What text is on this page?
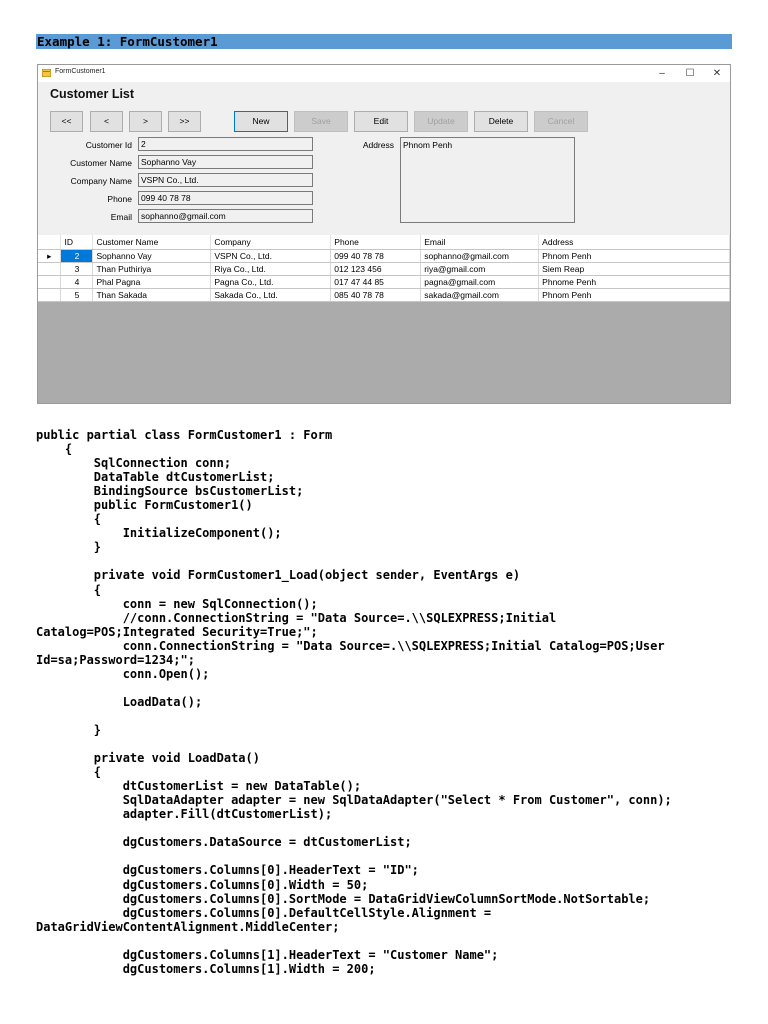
Example 1: FormCustomer1
FormCustomer1	–	☐	✕
Customer List
<<	<	>	>>	New	Save	Edit	Update	Delete	Cancel
Customer Id	2
Customer Name	Sophanno Vay
Company Name	VSPN Co., Ltd.
Phone	099 40 78 78
Email	sophanno@gmail.com
Address	Phnom Penh
	ID	Customer Name	Company	Phone	Email	Address
▸	2	Sophanno Vay	VSPN Co., Ltd.	099 40 78 78	sophanno@gmail.com	Phnom Penh
	3	Than Puthiriya	Riya Co., Ltd.	012 123 456	riya@gmail.com	Siem Reap
	4	Phal Pagna	Pagna Co., Ltd.	017 47 44 85	pagna@gmail.com	Phnome Penh
	5	Than Sakada	Sakada Co., Ltd.	085 40 78 78	sakada@gmail.com	Phnom Penh
public partial class FormCustomer1 : Form
{
SqlConnection conn;
DataTable dtCustomerList;
BindingSource bsCustomerList;
public FormCustomer1()
{
InitializeComponent();
}

private void FormCustomer1_Load(object sender, EventArgs e)
{
conn = new SqlConnection();
//conn.ConnectionString = "Data Source=.\\SQLEXPRESS;Initial
Catalog=POS;Integrated Security=True;";
conn.ConnectionString = "Data Source=.\\SQLEXPRESS;Initial Catalog=POS;User
Id=sa;Password=1234;";
conn.Open();

LoadData();

}

private void LoadData()
{
dtCustomerList = new DataTable();
SqlDataAdapter adapter = new SqlDataAdapter("Select * From Customer", conn);
adapter.Fill(dtCustomerList);

dgCustomers.DataSource = dtCustomerList;

dgCustomers.Columns[0].HeaderText = "ID";
dgCustomers.Columns[0].Width = 50;
dgCustomers.Columns[0].SortMode = DataGridViewColumnSortMode.NotSortable;
dgCustomers.Columns[0].DefaultCellStyle.Alignment =
DataGridViewContentAlignment.MiddleCenter;

dgCustomers.Columns[1].HeaderText = "Customer Name";
dgCustomers.Columns[1].Width = 200;
